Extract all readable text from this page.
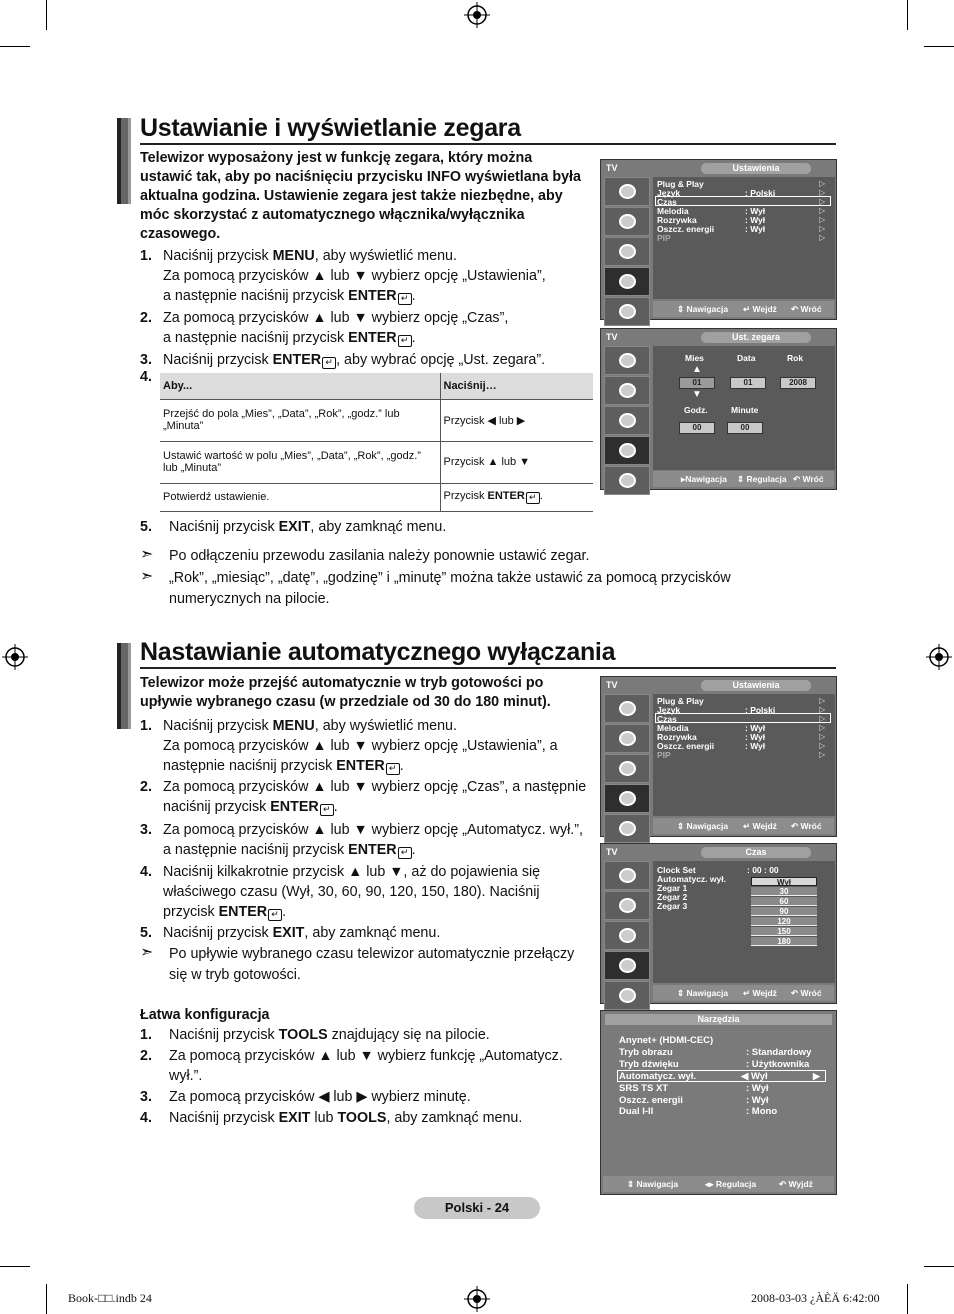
Ustawianie i wyświetlanie zegara
Telewizor wyposażony jest w funkcję zegara, który można ustawić tak, aby po naciśnięciu przycisku INFO wyświetlana była aktualna godzina. Ustawienie zegara jest także niezbędne, aby móc skorzystać z automatycznego włącznika/wyłącznika czasowego.
1. Naciśnij przycisk MENU, aby wyświetlić menu.
Za pomocą przycisków ▲ lub ▼ wybierz opcję „Ustawienia”,
a następnie naciśnij przycisk ENTER ↵ .
2. Za pomocą przycisków ▲ lub ▼ wybierz opcję „Czas”,
a następnie naciśnij przycisk ENTER ↵ .
3. Naciśnij przycisk ENTER ↵ , aby wybrać opcję „Ust. zegara”.
4.
Aby...	Naciśnij…
Przejść do pola „Mies”, „Data”, „Rok”, „godz.” lub „Minuta”	Przycisk ◀ lub ▶
Ustawić wartość w polu „Mies”, „Data”, „Rok”, „godz.” lub „Minuta”	Przycisk ▲ lub ▼
Potwierdź ustawienie.	Przycisk ENTER ↵ .
5. Naciśnij przycisk EXIT, aby zamknąć menu.
➣ Po odłączeniu przewodu zasilania należy ponownie ustawić zegar.
➣ „Rok”, „miesiąc”, „datę”, „godzinę” i „minutę” można także ustawić za pomocą przycisków numerycznych na pilocie.
TV	Ustawienia
Plug & Play
Język	: Polski
Czas
Melodia	: Wył
Rozrywka	: Wył
Oszcz. energii	: Wył
PIP
▷
▷
▷
▷
▷
▷
▷
⇕ Nawigacja ↵ Wejdź ↶ Wróć
TV	Ust. zegara
Mies	Data	Rok
▲
01	01	2008
▼
Godz.	Minute
00	00
▸Nawigacja ⇕ Regulacja ↶ Wróć
Nastawianie automatycznego wyłączania
Telewizor może przejść automatycznie w tryb gotowości po upływie wybranego czasu (w przedziale od 30 do 180 minut).
1. Naciśnij przycisk MENU, aby wyświetlić menu.
Za pomocą przycisków ▲ lub ▼ wybierz opcję „Ustawienia”, a następnie naciśnij przycisk ENTER ↵ .
2. Za pomocą przycisków ▲ lub ▼ wybierz opcję „Czas”, a następnie naciśnij przycisk ENTER ↵ .
3. Za pomocą przycisków ▲ lub ▼ wybierz opcję „Automatycz. wył.”, a następnie naciśnij przycisk ENTER ↵ .
4. Naciśnij kilkakrotnie przycisk ▲ lub ▼, aż do pojawienia się właściwego czasu (Wył, 30, 60, 90, 120, 150, 180). Naciśnij przycisk ENTER ↵ .
5. Naciśnij przycisk EXIT, aby zamknąć menu.
➣ Po upływie wybranego czasu telewizor automatycznie przełączy się w tryb gotowości.
Łatwa konfiguracja
1. Naciśnij przycisk TOOLS znajdujący się na pilocie.
2. Za pomocą przycisków ▲ lub ▼ wybierz funkcję „Automatycz. wył.”.
3. Za pomocą przycisków ◀ lub ▶ wybierz minutę.
4. Naciśnij przycisk EXIT lub TOOLS, aby zamknąć menu.
TV	Ustawienia
Plug & Play
Język	: Polski
Czas
Melodia	: Wył
Rozrywka	: Wył
Oszcz. energii	: Wył
PIP
▷
▷
▷
▷
▷
▷
▷
⇕ Nawigacja ↵ Wejdź ↶ Wróć
TV	Czas
Clock Set	: 00 : 00
Automatycz. wył.
Zegar 1
Zegar 2
Zegar 3
Wył
30
60
90
120
150
180
⇕ Nawigacja ↵ Wejdź ↶ Wróć
Narzędzia
Anynet+ (HDMI-CEC)
Tryb obrazu	: Standardowy
Tryb dźwięku	: Użytkownika
Automatycz. wył.	◀ Wył	▶
SRS TS XT	: Wył
Oszcz. energii	: Wył
Dual I-II	: Mono
⇕ Nawigacja	◂▸ Regulacja	↶ Wyjdź
Polski - 24
Book-□□.indb 24	2008-03-03 ¿ÀÈÄ 6:42:00
